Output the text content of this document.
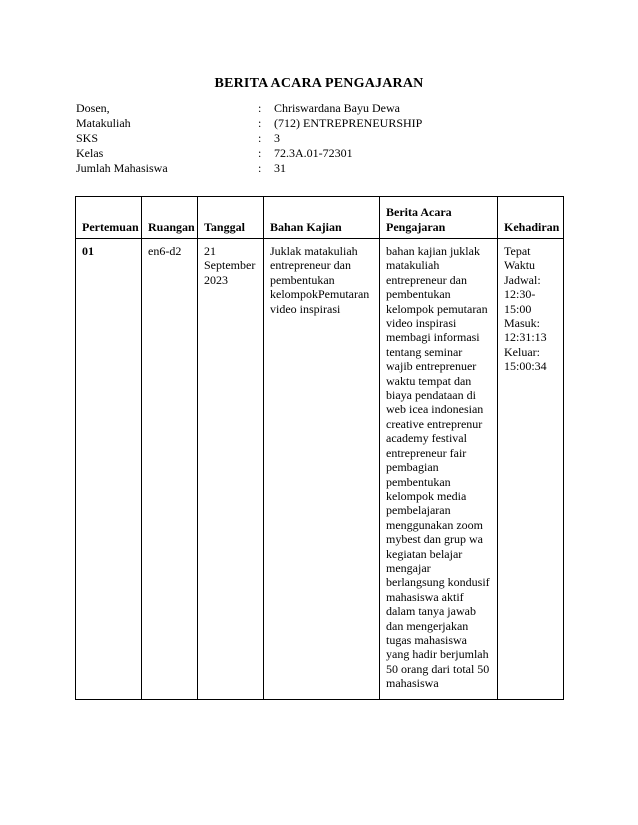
BERITA ACARA PENGAJARAN
Dosen,	:	Chriswardana Bayu Dewa
Matakuliah	:	(712) ENTREPRENEURSHIP
SKS	:	3
Kelas	:	72.3A.01-72301
Jumlah Mahasiswa	:	31
Pertemuan	Ruangan	Tanggal	Bahan Kajian	Berita Acara Pengajaran	Kehadiran
01	en6-d2	21 September 2023	Juklak matakuliah entrepreneur dan pembentukan kelompokPemutaran video inspirasi	bahan kajian juklak matakuliah entrepreneur dan pembentukan kelompok pemutaran video inspirasi membagi informasi tentang seminar wajib entreprenuer waktu tempat dan biaya pendataan di web icea indonesian creative entreprenur academy festival entrepreneur fair pembagian pembentukan kelompok media pembelajaran menggunakan zoom mybest dan grup wa kegiatan belajar mengajar berlangsung kondusif mahasiswa aktif dalam tanya jawab dan mengerjakan tugas mahasiswa yang hadir berjumlah 50 orang dari total 50 mahasiswa	Tepat Waktu Jadwal: 12:30-15:00 Masuk: 12:31:13 Keluar: 15:00:34
